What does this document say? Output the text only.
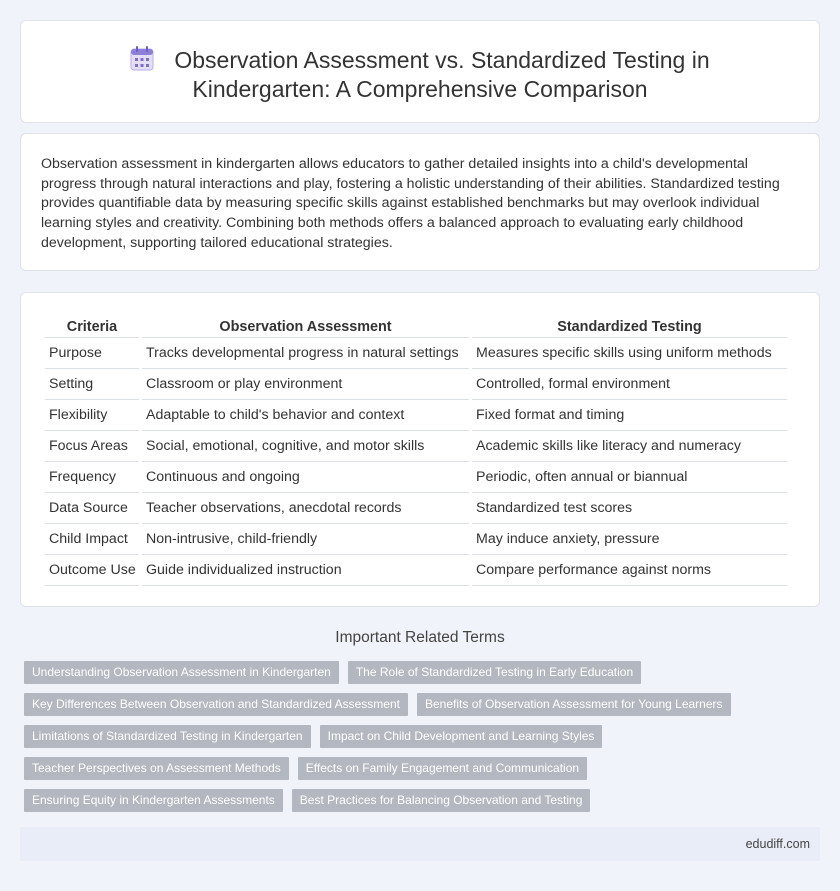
Observation Assessment vs. Standardized Testing in
Kindergarten: A Comprehensive Comparison

Observation assessment in kindergarten allows educators to gather detailed insights into a child's developmental progress through natural interactions and play, fostering a holistic understanding of their abilities. Standardized testing provides quantifiable data by measuring specific skills against established benchmarks but may overlook individual learning styles and creativity. Combining both methods offers a balanced approach to evaluating early childhood development, supporting tailored educational strategies.

Criteria	Observation Assessment	Standardized Testing
Purpose	Tracks developmental progress in natural settings	Measures specific skills using uniform methods
Setting	Classroom or play environment	Controlled, formal environment
Flexibility	Adaptable to child's behavior and context	Fixed format and timing
Focus Areas	Social, emotional, cognitive, and motor skills	Academic skills like literacy and numeracy
Frequency	Continuous and ongoing	Periodic, often annual or biannual
Data Source	Teacher observations, anecdotal records	Standardized test scores
Child Impact	Non-intrusive, child-friendly	May induce anxiety, pressure
Outcome Use	Guide individualized instruction	Compare performance against norms
Important Related Terms
Understanding Observation Assessment in Kindergarten	The Role of Standardized Testing in Early Education
Key Differences Between Observation and Standardized Assessment	Benefits of Observation Assessment for Young Learners
Limitations of Standardized Testing in Kindergarten	Impact on Child Development and Learning Styles
Teacher Perspectives on Assessment Methods	Effects on Family Engagement and Communication
Ensuring Equity in Kindergarten Assessments	Best Practices for Balancing Observation and Testing
edudiff.com
